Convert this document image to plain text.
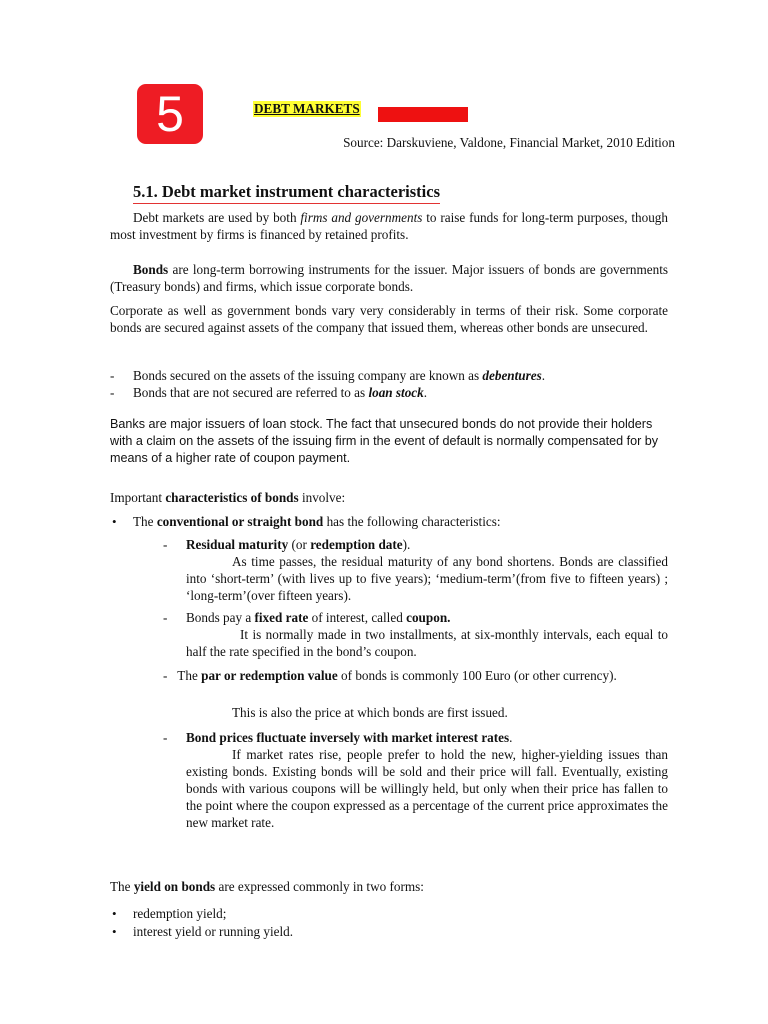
5	DEBT MARKETS
Source: Darskuviene, Valdone, Financial Market, 2010 Edition
5.1. Debt market instrument characteristics
Debt markets are used by both firms and governments to raise funds for long-term purposes, though most investment by firms is financed by retained profits.
Bonds are long-term borrowing instruments for the issuer. Major issuers of bonds are governments (Treasury bonds) and firms, which issue corporate bonds.
Corporate as well as government bonds vary very considerably in terms of their risk. Some corporate bonds are secured against assets of the company that issued them, whereas other bonds are unsecured.
- Bonds secured on the assets of the issuing company are known as debentures.
- Bonds that are not secured are referred to as loan stock.
Banks are major issuers of loan stock. The fact that unsecured bonds do not provide their holders with a claim on the assets of the issuing firm in the event of default is normally compensated for by means of a higher rate of coupon payment.
Important characteristics of bonds involve:
• The conventional or straight bond has the following characteristics:
- Residual maturity (or redemption date).

As time passes, the residual maturity of any bond shortens. Bonds are classified into ‘short-term’ (with lives up to five years); ‘medium-term’(from five to fifteen years) ; ‘long-term’(over fifteen years).

- Bonds pay a fixed rate of interest, called coupon.

It is normally made in two installments, at six-monthly intervals, each equal to half the rate specified in the bond’s coupon.

- The par or redemption value of bonds is commonly 100 Euro (or other currency).
This is also the price at which bonds are first issued.
- Bond prices fluctuate inversely with market interest rates.

If market rates rise, people prefer to hold the new, higher-yielding issues than existing bonds. Existing bonds will be sold and their price will fall. Eventually, existing bonds with various coupons will be willingly held, but only when their price has fallen to the point where the coupon expressed as a percentage of the current price approximates the new market rate.

The yield on bonds are expressed commonly in two forms:
• redemption yield;
• interest yield or running yield.
